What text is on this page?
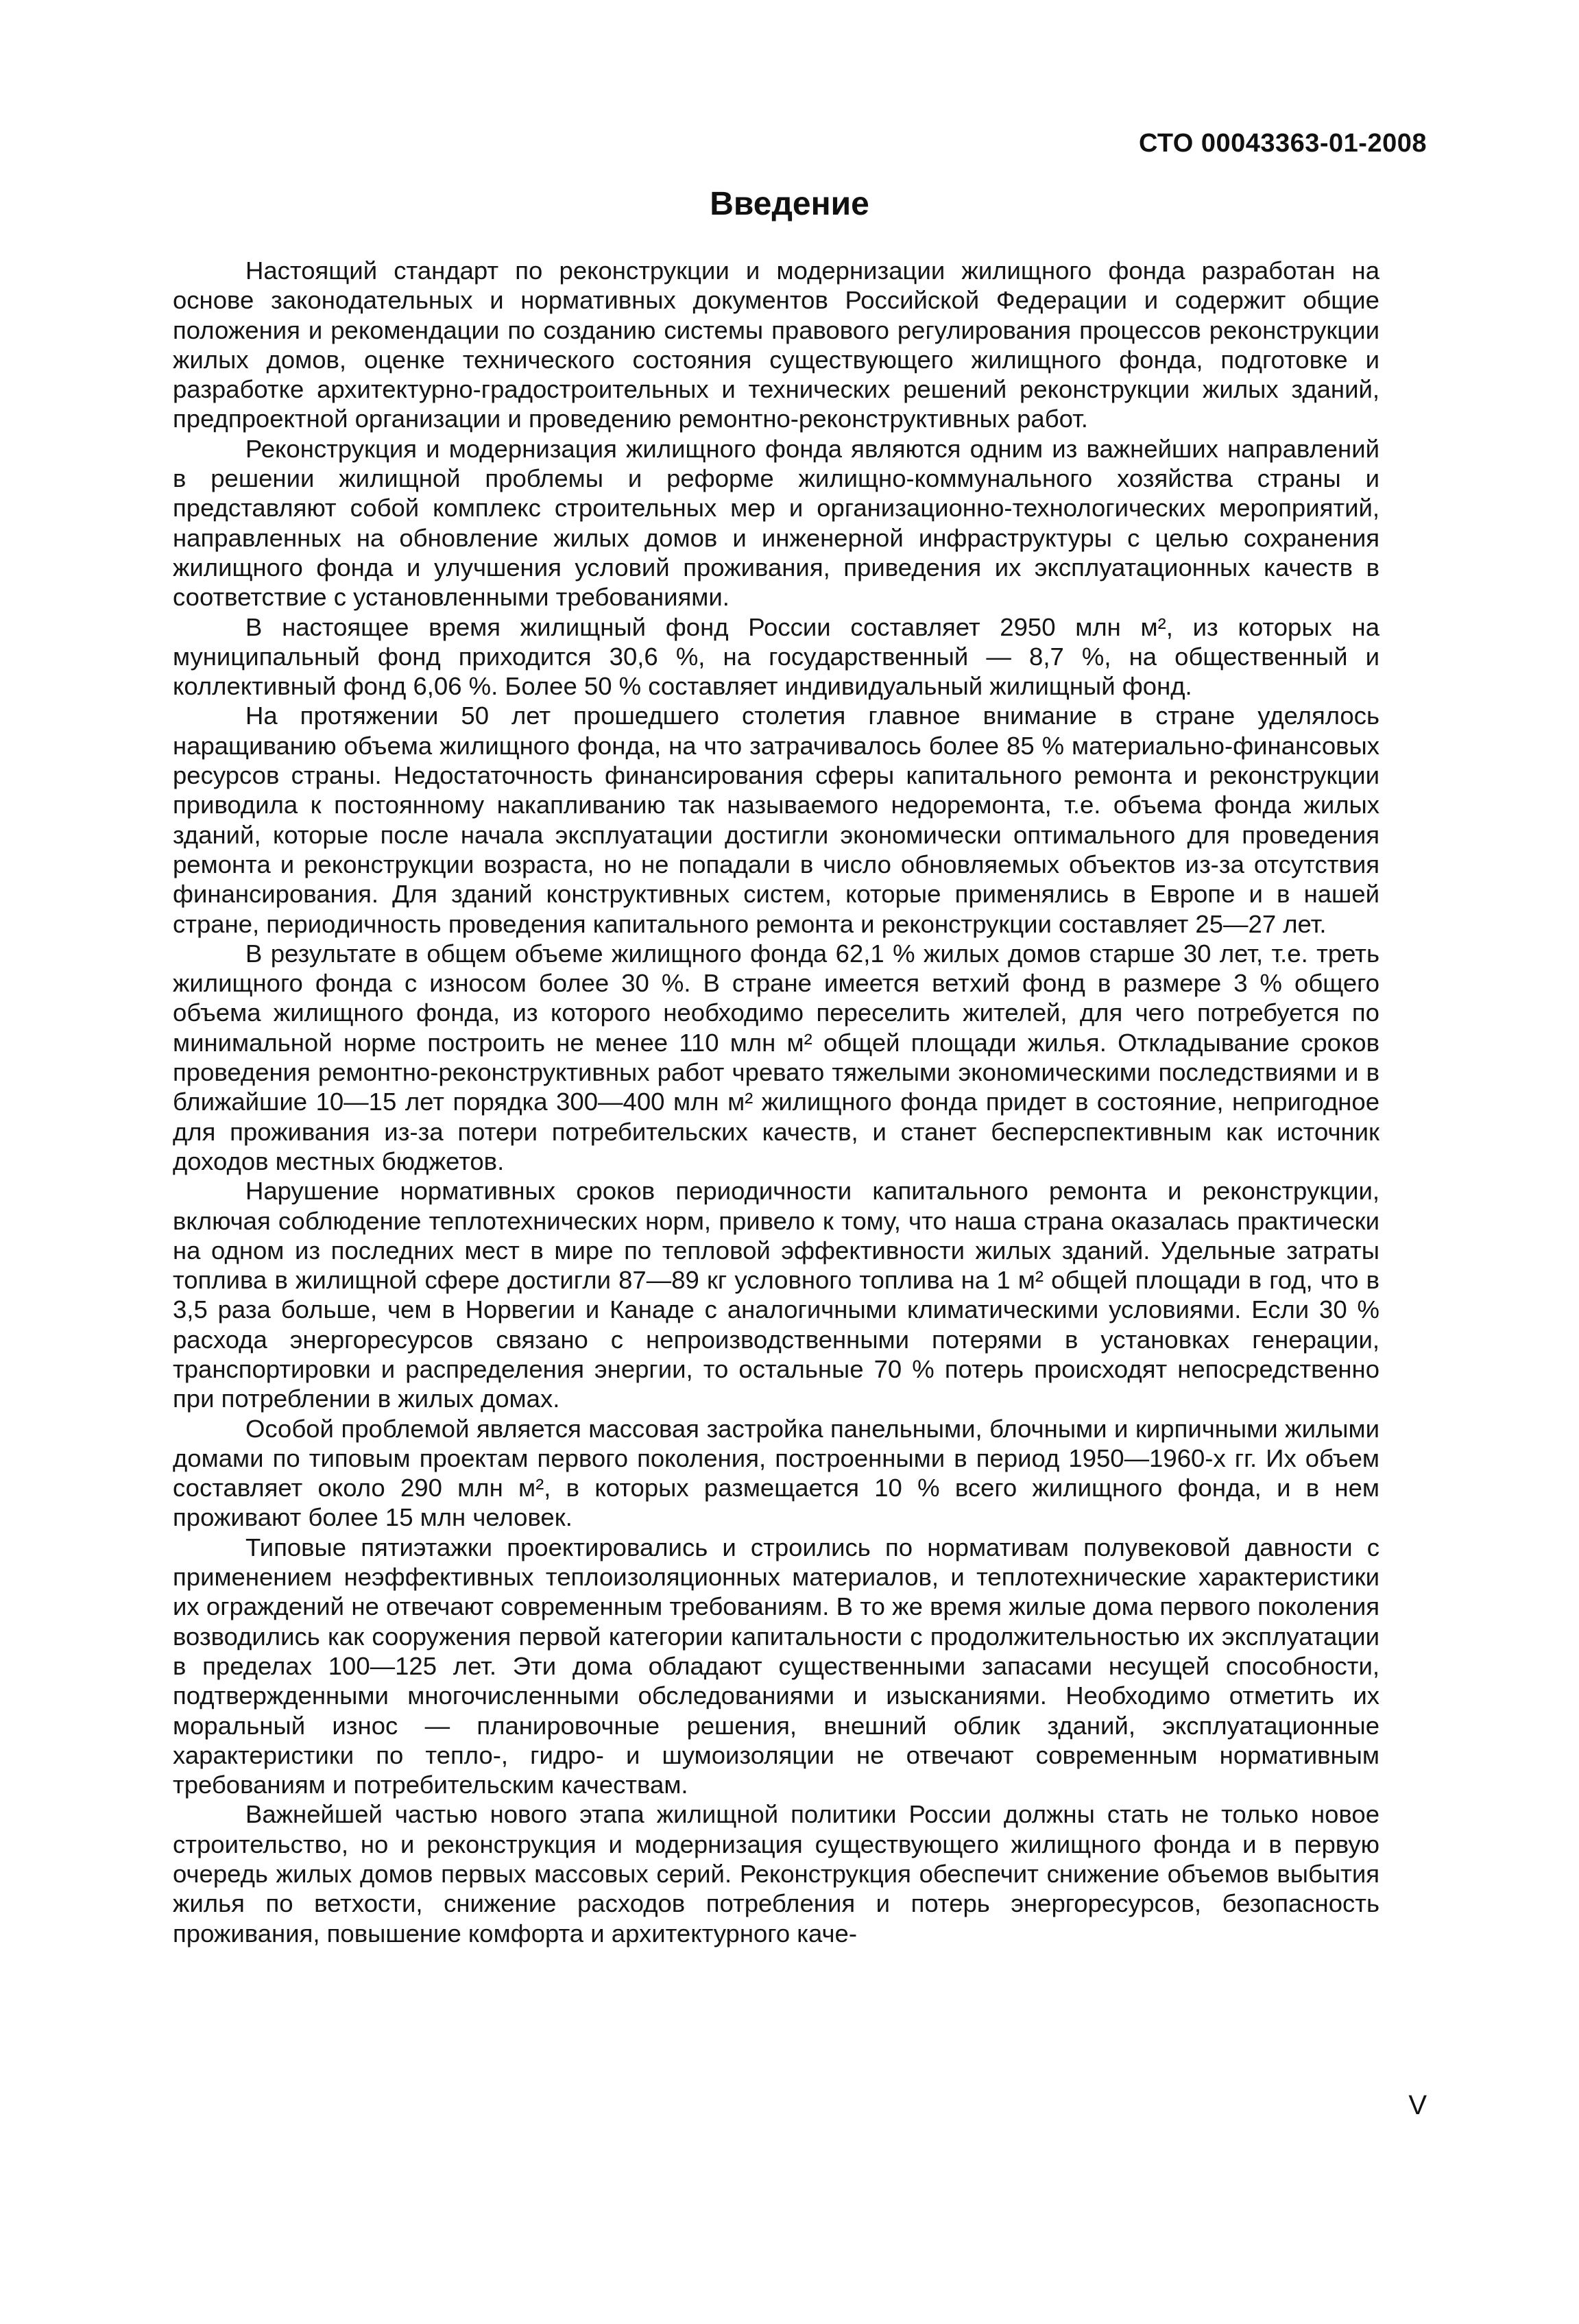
СТО 00043363-01-2008
Введение

Настоящий стандарт по реконструкции и модернизации жилищного фонда разработан на основе законодательных и нормативных документов Российской Федерации и содержит общие положения и рекомендации по созданию системы правового регулирования процессов реконструкции жилых домов, оценке технического состояния существующего жилищного фонда, подготовке и разработке архитектурно-градостроительных и технических решений реконструкции жилых зданий, предпроектной организации и проведению ремонтно-реконструктивных работ.

Реконструкция и модернизация жилищного фонда являются одним из важнейших направлений в решении жилищной проблемы и реформе жилищно-коммунального хозяйства страны и представляют собой комплекс строительных мер и организационно-технологических мероприятий, направленных на обновление жилых домов и инженерной инфраструктуры с целью сохранения жилищного фонда и улучшения условий проживания, приведения их эксплуатационных качеств в соответствие с установленными требованиями.

В настоящее время жилищный фонд России составляет 2950 млн м², из которых на муниципальный фонд приходится 30,6 %, на государственный — 8,7 %, на общественный и коллективный фонд 6,06 %. Более 50 % составляет индивидуальный жилищный фонд.

На протяжении 50 лет прошедшего столетия главное внимание в стране уделялось наращиванию объема жилищного фонда, на что затрачивалось более 85 % материально-финансовых ресурсов страны. Недостаточность финансирования сферы капитального ремонта и реконструкции приводила к постоянному накапливанию так называемого недоремонта, т.е. объема фонда жилых зданий, которые после начала эксплуатации достигли экономически оптимального для проведения ремонта и реконструкции возраста, но не попадали в число обновляемых объектов из-за отсутствия финансирования. Для зданий конструктивных систем, которые применялись в Европе и в нашей стране, периодичность проведения капитального ремонта и реконструкции составляет 25—27 лет.

В результате в общем объеме жилищного фонда 62,1 % жилых домов старше 30 лет, т.е. треть жилищного фонда с износом более 30 %. В стране имеется ветхий фонд в размере 3 % общего объема жилищного фонда, из которого необходимо переселить жителей, для чего потребуется по минимальной норме построить не менее 110 млн м² общей площади жилья. Откладывание сроков проведения ремонтно-реконструктивных работ чревато тяжелыми экономическими последствиями и в ближайшие 10—15 лет порядка 300—400 млн м² жилищного фонда придет в состояние, непригодное для проживания из-за потери потребительских качеств, и станет бесперспективным как источник доходов местных бюджетов.

Нарушение нормативных сроков периодичности капитального ремонта и реконструкции, включая соблюдение теплотехнических норм, привело к тому, что наша страна оказалась практически на одном из последних мест в мире по тепловой эффективности жилых зданий. Удельные затраты топлива в жилищной сфере достигли 87—89 кг условного топлива на 1 м² общей площади в год, что в 3,5 раза больше, чем в Норвегии и Канаде с аналогичными климатическими условиями. Если 30 % расхода энергоресурсов связано с непроизводственными потерями в установках генерации, транспортировки и распределения энергии, то остальные 70 % потерь происходят непосредственно при потреблении в жилых домах.

Особой проблемой является массовая застройка панельными, блочными и кирпичными жилыми домами по типовым проектам первого поколения, построенными в период 1950—1960-х гг. Их объем составляет около 290 млн м², в которых размещается 10 % всего жилищного фонда, и в нем проживают более 15 млн человек.

Типовые пятиэтажки проектировались и строились по нормативам полувековой давности с применением неэффективных теплоизоляционных материалов, и теплотехнические характеристики их ограждений не отвечают современным требованиям. В то же время жилые дома первого поколения возводились как сооружения первой категории капитальности с продолжительностью их эксплуатации в пределах 100—125 лет. Эти дома обладают существенными запасами несущей способности, подтвержденными многочисленными обследованиями и изысканиями. Необходимо отметить их моральный износ — планировочные решения, внешний облик зданий, эксплуатационные характеристики по тепло-, гидро- и шумоизоляции не отвечают современным нормативным требованиям и потребительским качествам.

Важнейшей частью нового этапа жилищной политики России должны стать не только новое строительство, но и реконструкция и модернизация существующего жилищного фонда и в первую очередь жилых домов первых массовых серий. Реконструкция обеспечит снижение объемов выбытия жилья по ветхости, снижение расходов потребления и потерь энергоресурсов, безопасность проживания, повышение комфорта и архитектурного каче-

V
